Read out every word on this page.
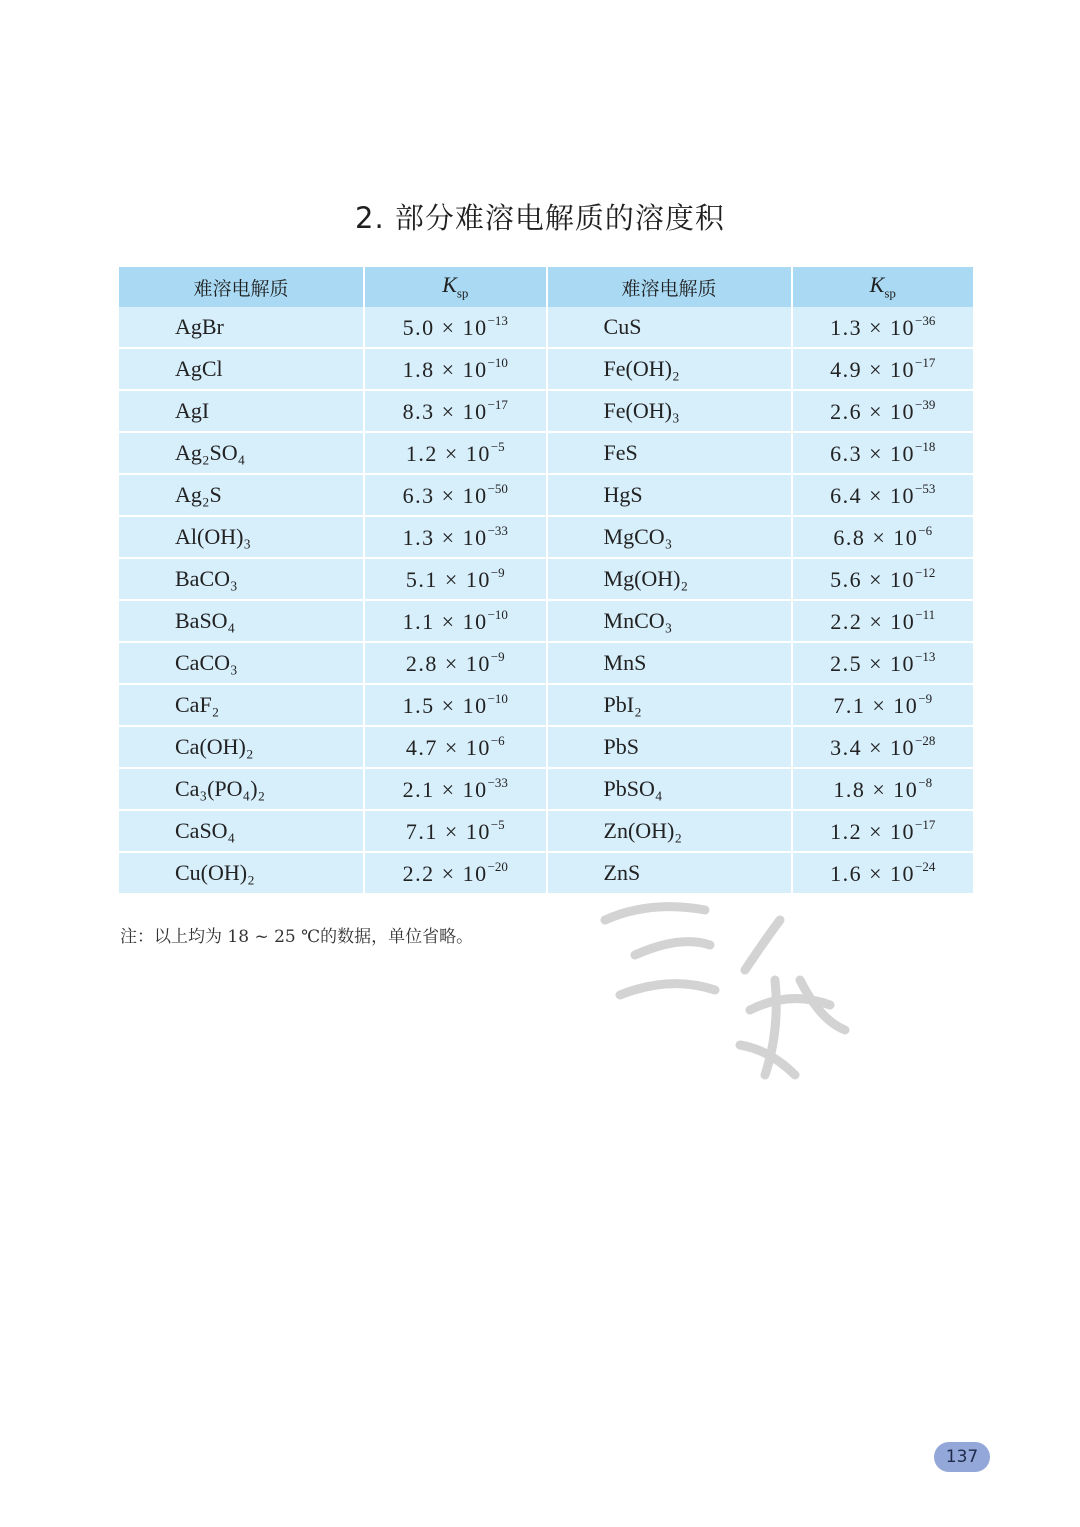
2. 部分难溶电解质的溶度积
难溶电解质	$K_{sp}$	难溶电解质	$K_{sp}$
AgBr	$5.0 \times 10^{-13}$	CuS	$1.3 \times 10^{-36}$
AgCl	$1.8 \times 10^{-10}$	Fe(OH)₂	$4.9 \times 10^{-17}$
AgI	$8.3 \times 10^{-17}$	Fe(OH)₃	$2.6 \times 10^{-39}$
Ag₂SO₄	$1.2 \times 10^{-5}$	FeS	$6.3 \times 10^{-18}$
Ag₂S	$6.3 \times 10^{-50}$	HgS	$6.4 \times 10^{-53}$
Al(OH)₃	$1.3 \times 10^{-33}$	MgCO₃	$6.8 \times 10^{-6}$
BaCO₃	$5.1 \times 10^{-9}$	Mg(OH)₂	$5.6 \times 10^{-12}$
BaSO₄	$1.1 \times 10^{-10}$	MnCO₃	$2.2 \times 10^{-11}$
CaCO₃	$2.8 \times 10^{-9}$	MnS	$2.5 \times 10^{-13}$
CaF₂	$1.5 \times 10^{-10}$	PbI₂	$7.1 \times 10^{-9}$
Ca(OH)₂	$4.7 \times 10^{-6}$	PbS	$3.4 \times 10^{-28}$
Ca₃(PO₄)₂	$2.1 \times 10^{-33}$	PbSO₄	$1.8 \times 10^{-8}$
CaSO₄	$7.1 \times 10^{-5}$	Zn(OH)₂	$1.2 \times 10^{-17}$
Cu(OH)₂	$2.2 \times 10^{-20}$	ZnS	$1.6 \times 10^{-24}$
注：以上均为 18 ~ 25 ℃的数据，单位省略。
137
